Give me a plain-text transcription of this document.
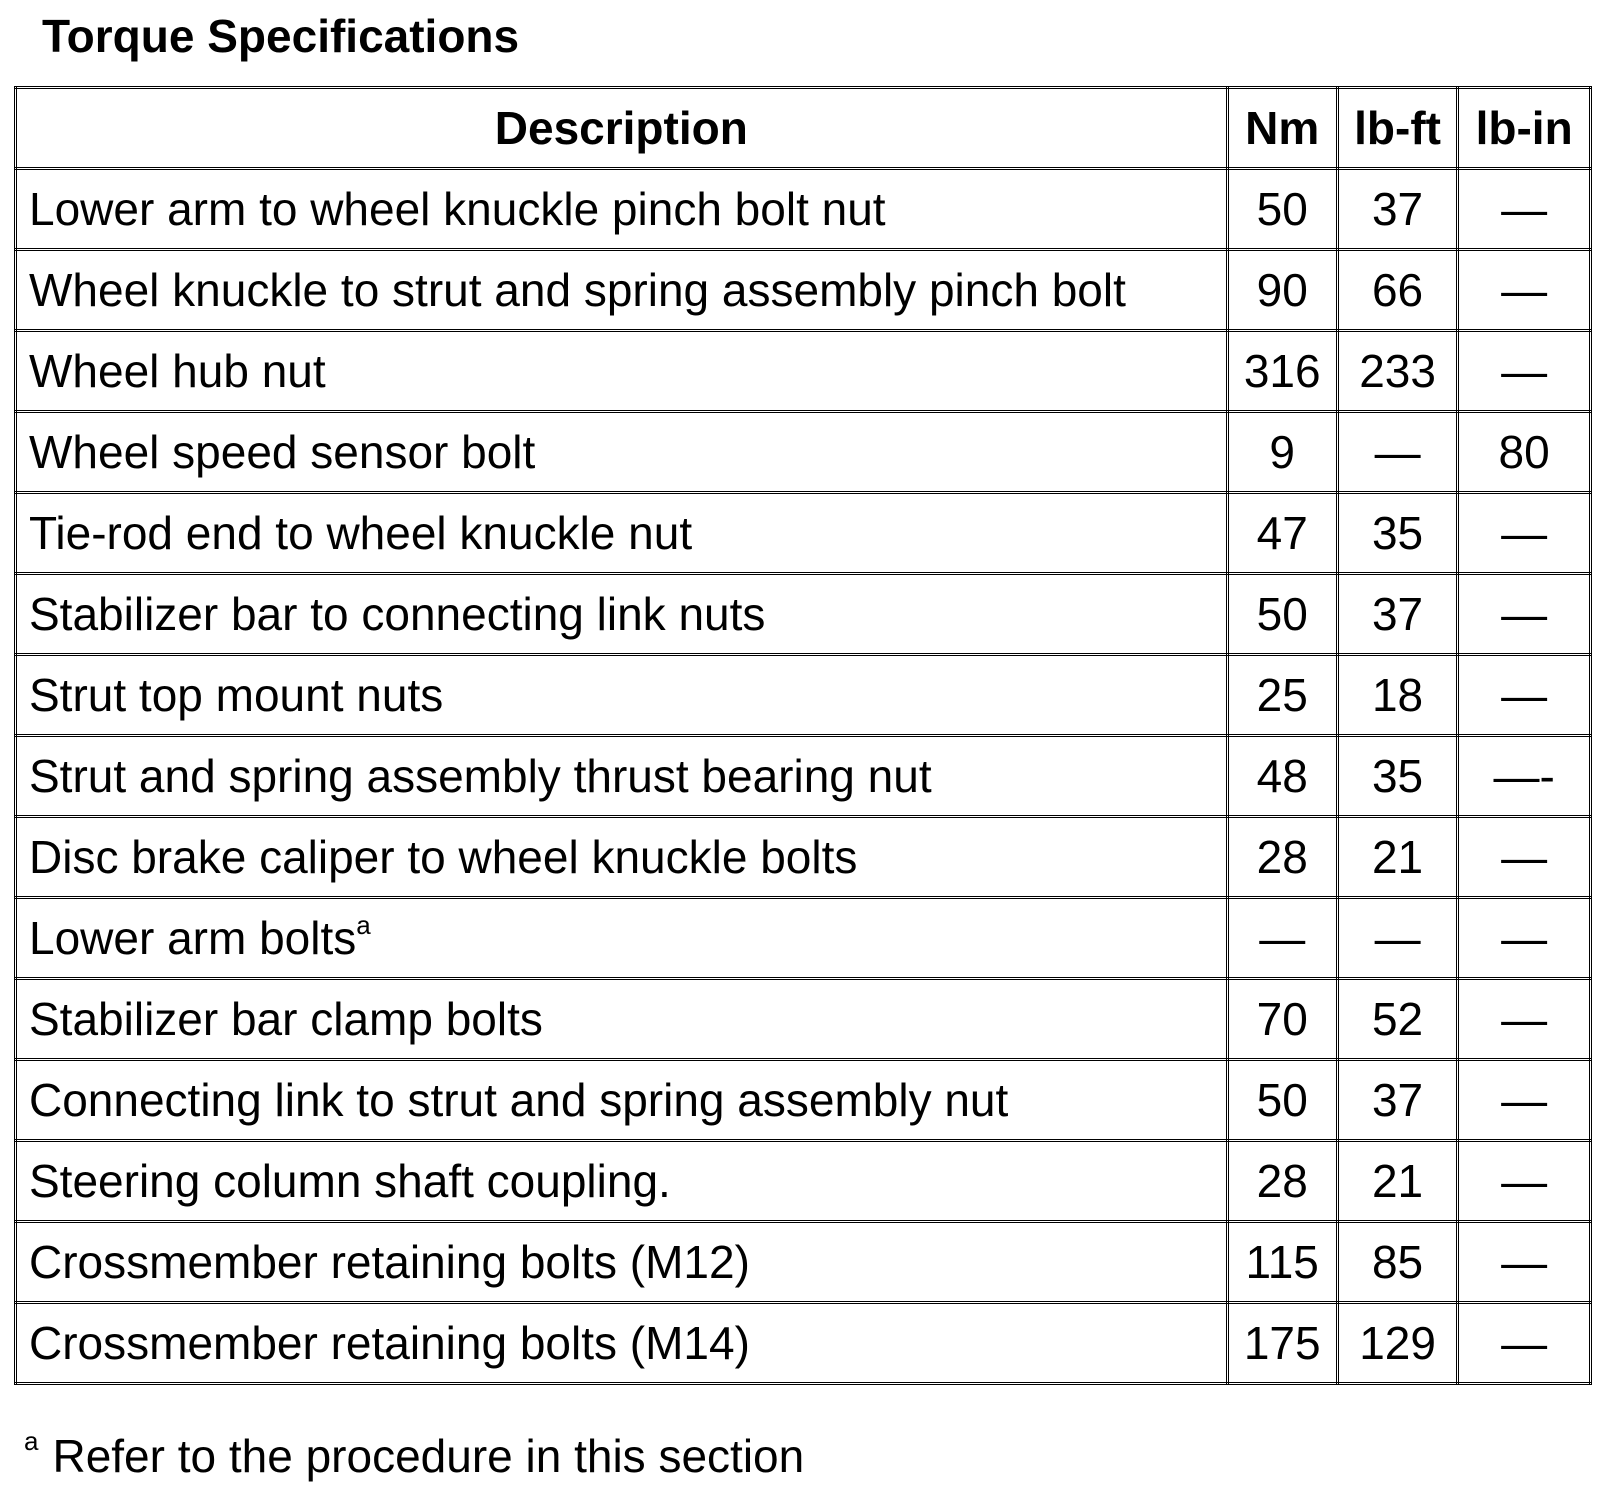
Torque Specifications
Description	Nm	lb-ft	lb-in
Lower arm to wheel knuckle pinch bolt nut	50	37	—
Wheel knuckle to strut and spring assembly pinch bolt	90	66	—
Wheel hub nut	316	233	—
Wheel speed sensor bolt	9	—	80
Tie-rod end to wheel knuckle nut	47	35	—
Stabilizer bar to connecting link nuts	50	37	—
Strut top mount nuts	25	18	—
Strut and spring assembly thrust bearing nut	48	35	—-
Disc brake caliper to wheel knuckle bolts	28	21	—
Lower arm bolts$^a$	—	—	—
Stabilizer bar clamp bolts	70	52	—
Connecting link to strut and spring assembly nut	50	37	—
Steering column shaft coupling.	28	21	—
Crossmember retaining bolts (M12)	115	85	—
Crossmember retaining bolts (M14)	175	129	—
$^a$ Refer to the procedure in this section
